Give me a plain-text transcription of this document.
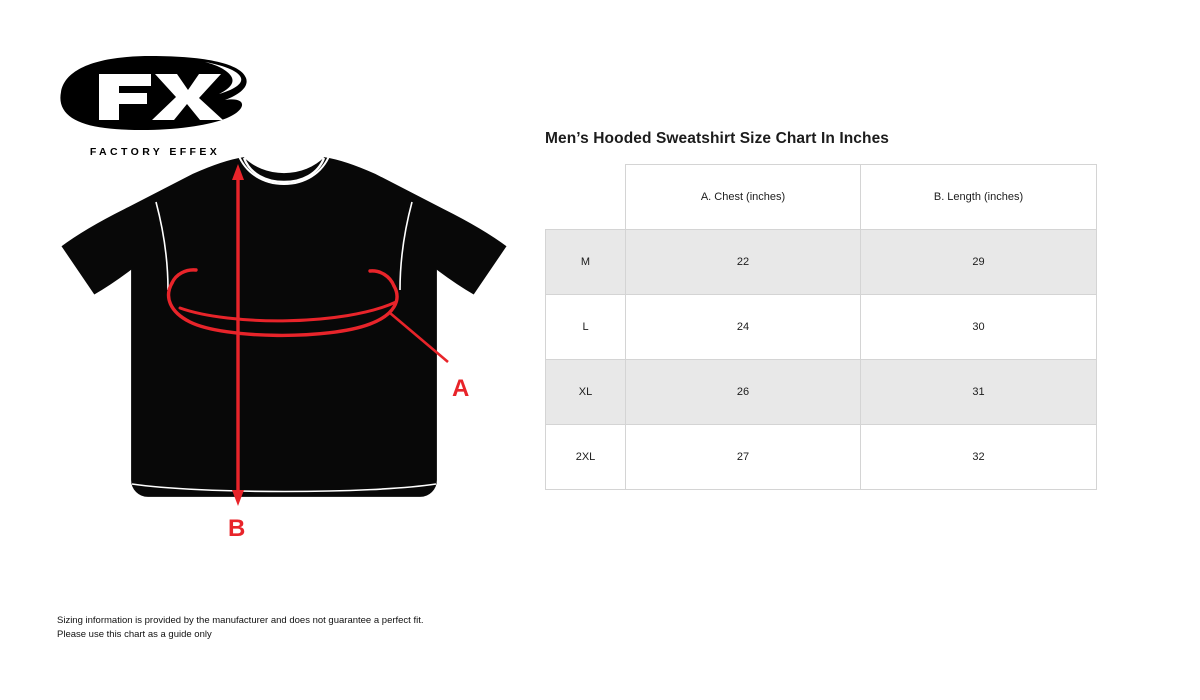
FACTORY EFFEX
A
B
Men’s Hooded Sweatshirt Size Chart In Inches
	A. Chest (inches)	B. Length (inches)
M	22	29
L	24	30
XL	26	31
2XL	27	32
Sizing information is provided by the manufacturer and does not guarantee a perfect fit.
Please use this chart as a guide only
